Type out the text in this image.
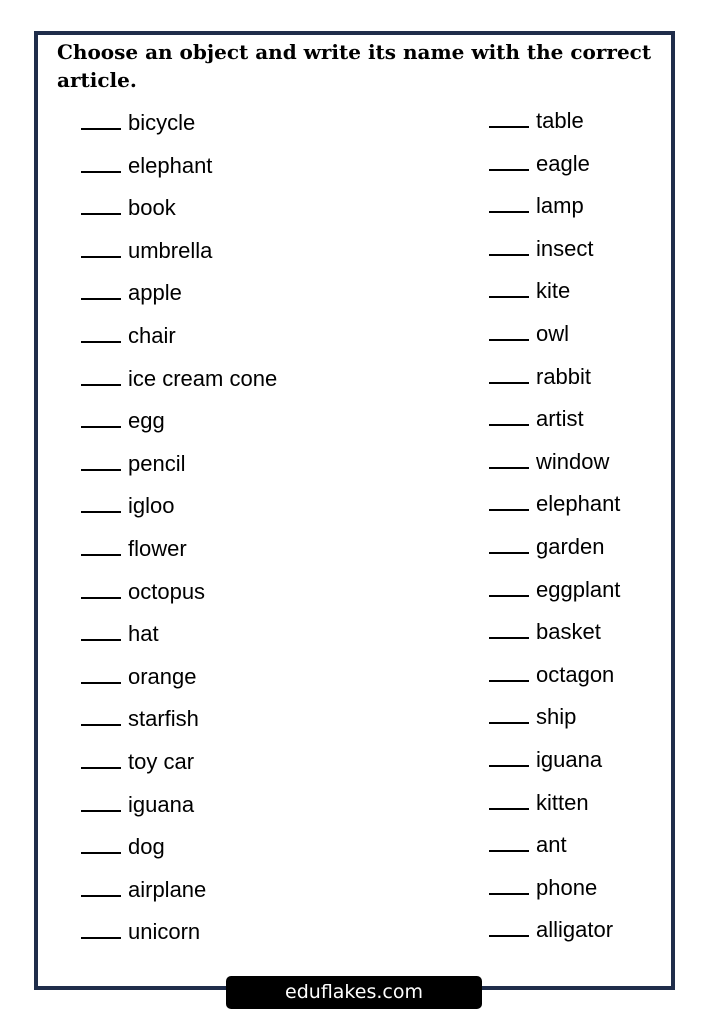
Choose an object and write its name with the correct article.
bicycle
elephant
book
umbrella
apple
chair
ice cream cone
egg
pencil
igloo
flower
octopus
hat
orange
starfish
toy car
iguana
dog
airplane
unicorn
table
eagle
lamp
insect
kite
owl
rabbit
artist
window
elephant
garden
eggplant
basket
octagon
ship
iguana
kitten
ant
phone
alligator
eduflakes.com
